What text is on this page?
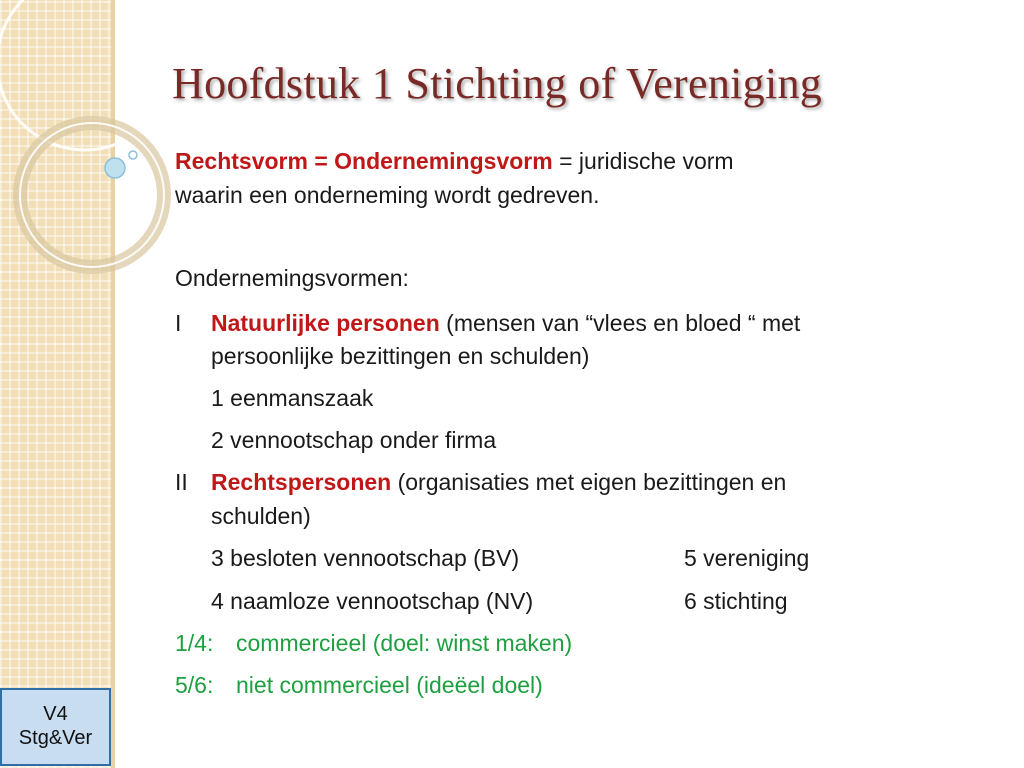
Hoofdstuk 1 Stichting of Vereniging
Rechtsvorm = Ondernemingsvorm = juridische vorm
waarin een onderneming wordt gedreven.
Ondernemingsvormen:
I Natuurlijke personen (mensen van “vlees en bloed “ met
persoonlijke bezittingen en schulden)
1 eenmanszaak
2 vennootschap onder firma
II Rechtspersonen (organisaties met eigen bezittingen en
schulden)
3 besloten vennootschap (BV)	5 vereniging
4 naamloze vennootschap (NV)	6 stichting
1/4: commercieel (doel: winst maken)
5/6: niet commercieel (ideëel doel)
V4
Stg&Ver
